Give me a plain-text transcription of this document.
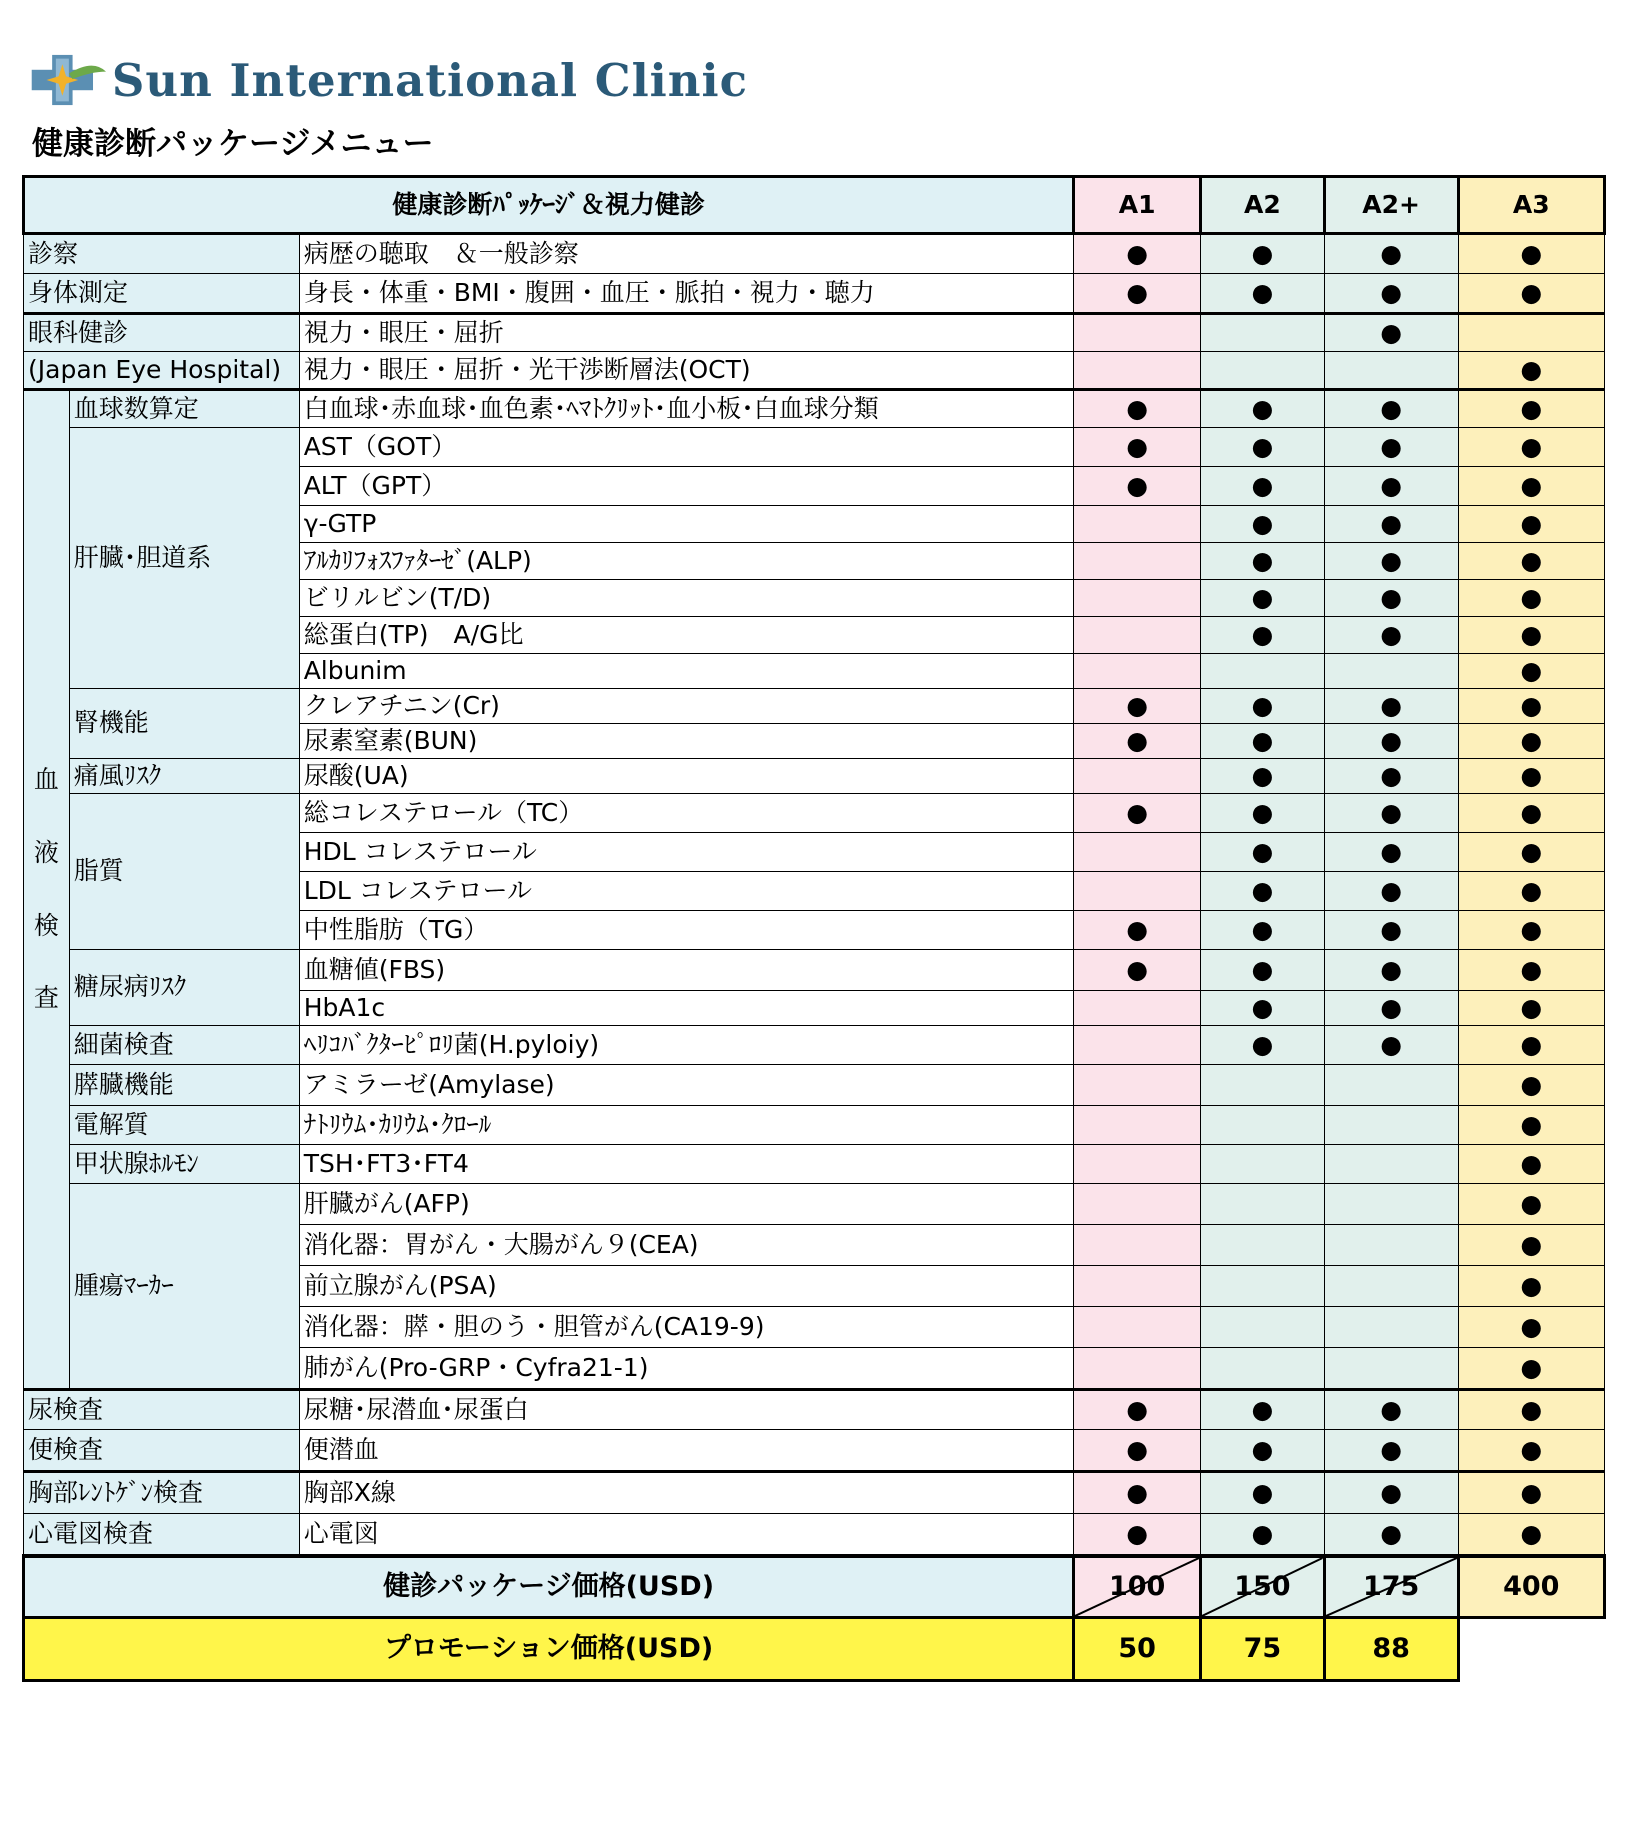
Sun International Clinic
健康診断パッケージメニュー
健康診断ﾊﾟｯｹｰｼﾞ＆視力健診			A1	A2	A2+	A3
診察		病歴の聴取　＆一般診察	●	●	●	●
身体測定		身長・体重・BMI・腹囲・血圧・脈拍・視力・聴力	●	●	●	●
眼科健診		視力・眼圧・屈折			●	
(Japan Eye Hospital)		視力・眼圧・屈折・光干渉断層法(OCT)				●

血
液
検
査	血球数算定	白血球･赤血球･血色素･ﾍﾏﾄｸﾘｯﾄ･血小板･白血球分類	●	●	●	●
	肝臓･胆道系	AST（GOT）	●	●	●	●
		ALT（GPT）	●	●	●	●
		γ-GTP		●	●	●
		ｱﾙｶﾘﾌｫｽﾌｧﾀｰｾﾞ(ALP)		●	●	●
		ビリルビン(T/D)		●	●	●
		総蛋白(TP)　A/G比		●	●	●
		Albunim				●
	腎機能	クレアチニン(Cr)	●	●	●	●
		尿素窒素(BUN)	●	●	●	●
	痛風ﾘｽｸ	尿酸(UA)		●	●	●
	脂質	総コレステロール（TC）	●	●	●	●
		HDL コレステロール		●	●	●
		LDL コレステロール		●	●	●
		中性脂肪（TG）	●	●	●	●
	糖尿病ﾘｽｸ	血糖値(FBS)	●	●	●	●
		HbA1c		●	●	●
	細菌検査	ﾍﾘｺﾊﾞｸﾀｰﾋﾟﾛﾘ菌(H.pyloiy)		●	●	●
	膵臓機能	アミラーゼ(Amylase)				●
	電解質	ﾅﾄﾘｳﾑ･ｶﾘｳﾑ･ｸﾛｰﾙ				●
	甲状腺ﾎﾙﾓﾝ	TSH･FT3･FT4				●
	腫瘍ﾏｰｶｰ	肝臓がん(AFP)				●
		消化器：胃がん・大腸がん９(CEA)				●
		前立腺がん(PSA)				●
		消化器：膵・胆のう・胆管がん(CA19-9)				●
		肺がん(Pro-GRP・Cyfra21-1)				●
尿検査		尿糖･尿潜血･尿蛋白	●	●	●	●
便検査		便潜血	●	●	●	●
胸部ﾚﾝﾄｹﾞﾝ検査		胸部X線	●	●	●	●
心電図検査		心電図	●	●	●	●
健診パッケージ価格(USD)			100	150	175	400
プロモーション価格(USD)			50	75	88	
